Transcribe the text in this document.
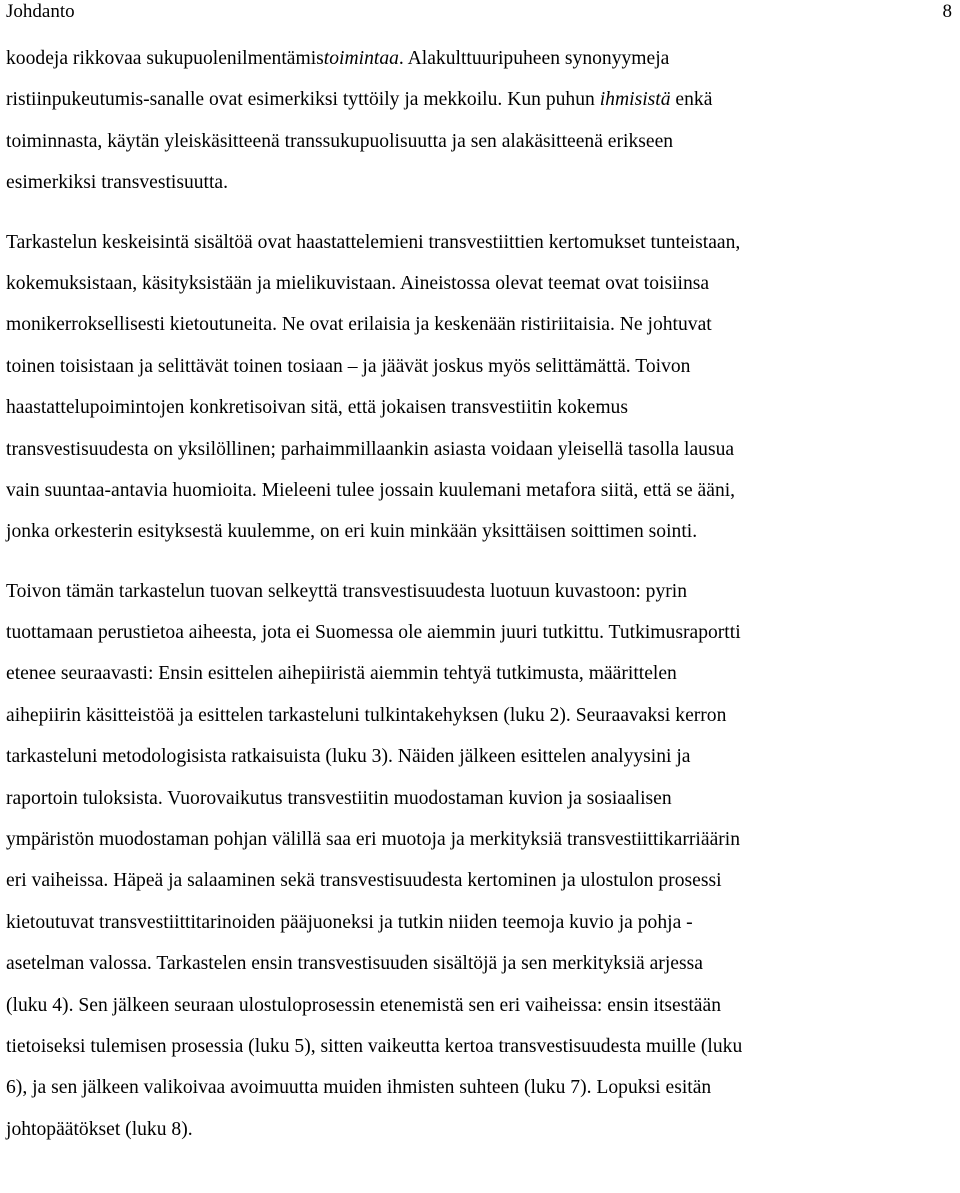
Johdanto	8

koodeja rikkovaa sukupuolenilmentämistoimintaa. Alakulttuuripuheen synonyymeja
ristiinpukeutumis-sanalle ovat esimerkiksi tyttöily ja mekkoilu. Kun puhun ihmisistä enkä
toiminnasta, käytän yleiskäsitteenä transsukupuolisuutta ja sen alakäsitteenä erikseen
esimerkiksi transvestisuutta.

Tarkastelun keskeisintä sisältöä ovat haastattelemieni transvestiittien kertomukset tunteistaan,
kokemuksistaan, käsityksistään ja mielikuvistaan. Aineistossa olevat teemat ovat toisiinsa
monikerroksellisesti kietoutuneita. Ne ovat erilaisia ja keskenään ristiriitaisia. Ne johtuvat
toinen toisistaan ja selittävät toinen tosiaan – ja jäävät joskus myös selittämättä. Toivon
haastattelupoimintojen konkretisoivan sitä, että jokaisen transvestiitin kokemus
transvestisuudesta on yksilöllinen; parhaimmillaankin asiasta voidaan yleisellä tasolla lausua
vain suuntaa-antavia huomioita. Mieleeni tulee jossain kuulemani metafora siitä, että se ääni,
jonka orkesterin esityksestä kuulemme, on eri kuin minkään yksittäisen soittimen sointi.

Toivon tämän tarkastelun tuovan selkeyttä transvestisuudesta luotuun kuvastoon: pyrin
tuottamaan perustietoa aiheesta, jota ei Suomessa ole aiemmin juuri tutkittu. Tutkimusraportti
etenee seuraavasti: Ensin esittelen aihepiiristä aiemmin tehtyä tutkimusta, määrittelen
aihepiirin käsitteistöä ja esittelen tarkasteluni tulkintakehyksen (luku 2). Seuraavaksi kerron
tarkasteluni metodologisista ratkaisuista (luku 3). Näiden jälkeen esittelen analyysini ja
raportoin tuloksista. Vuorovaikutus transvestiitin muodostaman kuvion ja sosiaalisen
ympäristön muodostaman pohjan välillä saa eri muotoja ja merkityksiä transvestiittikarriäärin
eri vaiheissa. Häpeä ja salaaminen sekä transvestisuudesta kertominen ja ulostulon prosessi
kietoutuvat transvestiittitarinoiden pääjuoneksi ja tutkin niiden teemoja kuvio ja pohja -
asetelman valossa. Tarkastelen ensin transvestisuuden sisältöjä ja sen merkityksiä arjessa
(luku 4). Sen jälkeen seuraan ulostuloprosessin etenemistä sen eri vaiheissa: ensin itsestään
tietoiseksi tulemisen prosessia (luku 5), sitten vaikeutta kertoa transvestisuudesta muille (luku
6), ja sen jälkeen valikoivaa avoimuutta muiden ihmisten suhteen (luku 7). Lopuksi esitän
johtopäätökset (luku 8).
